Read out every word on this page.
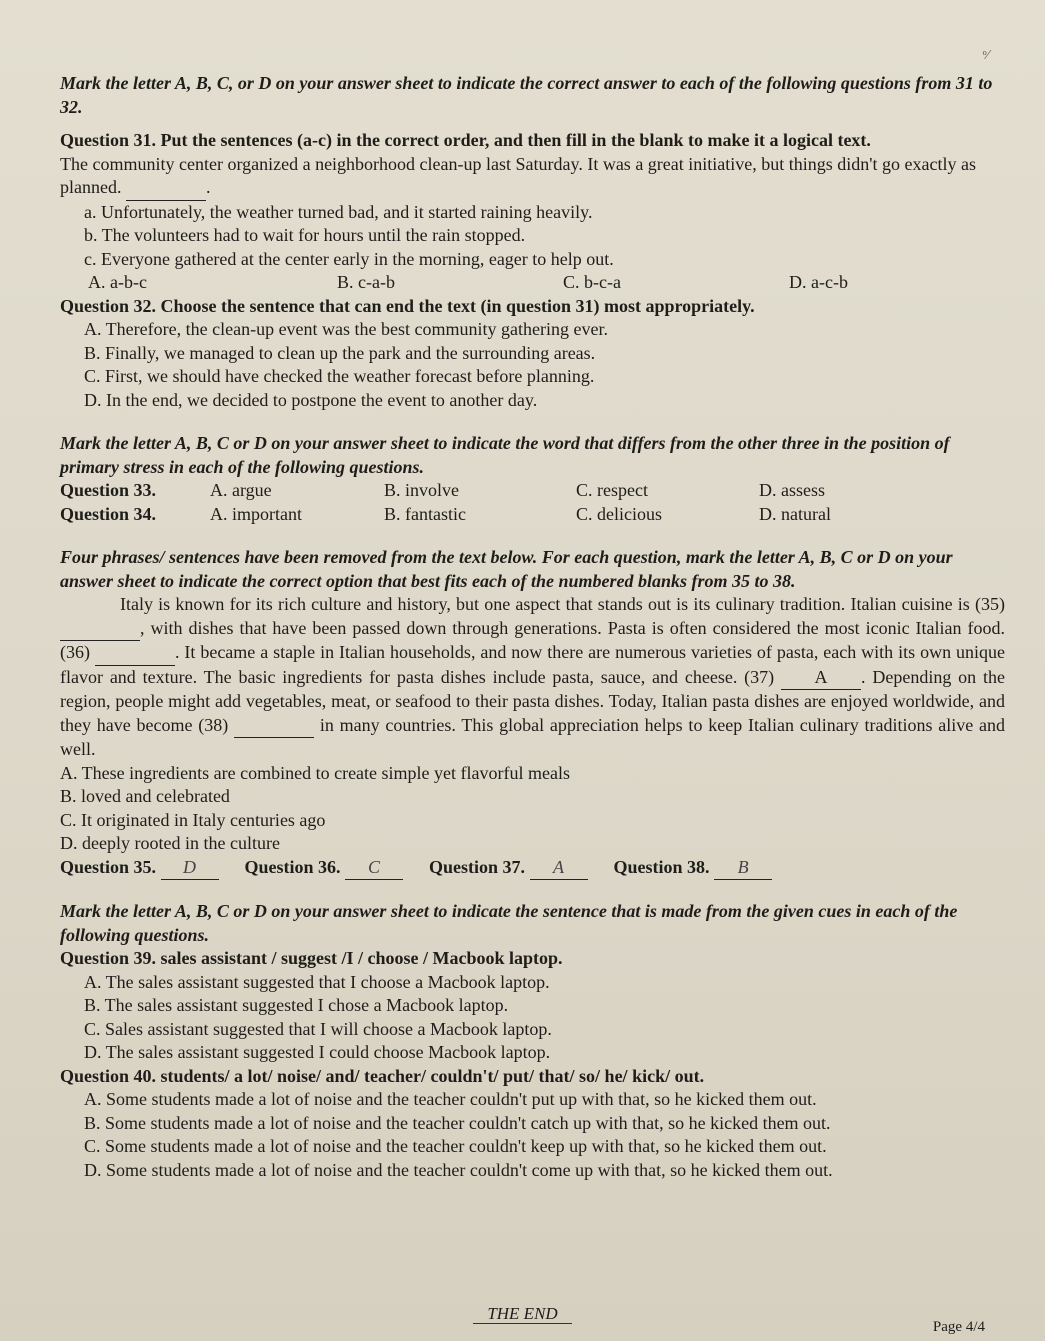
ᵒ⁄

Mark the letter A, B, C, or D on your answer sheet to indicate the correct answer to each of the following questions from 31 to 32.

Question 31. Put the sentences (a-c) in the correct order, and then fill in the blank to make it a logical text.

The community center organized a neighborhood clean-up last Saturday. It was a great initiative, but things didn't go exactly as planned.	.

a. Unfortunately, the weather turned bad, and it started raining heavily.

b. The volunteers had to wait for hours until the rain stopped.

c. Everyone gathered at the center early in the morning, eager to help out.

A. a-b-c	B. c-a-b	C. b-c-a	D. a-c-b

Question 32. Choose the sentence that can end the text (in question 31) most appropriately.

A. Therefore, the clean-up event was the best community gathering ever.

B. Finally, we managed to clean up the park and the surrounding areas.

C. First, we should have checked the weather forecast before planning.

D. In the end, we decided to postpone the event to another day.

Mark the letter A, B, C or D on your answer sheet to indicate the word that differs from the other three in the position of primary stress in each of the following questions.

Question 33.	A. argue	B. involve	C. respect	D. assess
Question 34.	A. important	B. fantastic	C. delicious	D. natural

Four phrases/ sentences have been removed from the text below. For each question, mark the letter A, B, C or D on your answer sheet to indicate the correct option that best fits each of the numbered blanks from 35 to 38.

Italy is known for its rich culture and history, but one aspect that stands out is its culinary tradition. Italian cuisine is (35) , with dishes that have been passed down through generations. Pasta is often considered the most iconic Italian food. (36)	. It became a staple in Italian households, and now there are numerous varieties of pasta, each with its own unique flavor and texture. The basic ingredients for pasta dishes include pasta, sauce, and cheese. (37) A . Depending on the region, people might add vegetables, meat, or seafood to their pasta dishes. Today, Italian pasta dishes are enjoyed worldwide, and they have become (38)	in many countries. This global appreciation helps to keep Italian culinary traditions alive and well.

A. These ingredients are combined to create simple yet flavorful meals

B. loved and celebrated

C. It originated in Italy centuries ago

D. deeply rooted in the culture

Question 35.
	D	Question 36.
	C	Question 37.
	A	Question 38.
	B

Mark the letter A, B, C or D on your answer sheet to indicate the sentence that is made from the given cues in each of the following questions.

Question 39. sales assistant / suggest /I / choose / Macbook laptop.

A. The sales assistant suggested that I choose a Macbook laptop.

B. The sales assistant suggested I chose a Macbook laptop.

C. Sales assistant suggested that I will choose a Macbook laptop.

D. The sales assistant suggested I could choose Macbook laptop.

Question 40. students/ a lot/ noise/ and/ teacher/ couldn't/ put/ that/ so/ he/ kick/ out.

A. Some students made a lot of noise and the teacher couldn't put up with that, so he kicked them out.

B. Some students made a lot of noise and the teacher couldn't catch up with that, so he kicked them out.

C. Some students made a lot of noise and the teacher couldn't keep up with that, so he kicked them out.

D. Some students made a lot of noise and the teacher couldn't come up with that, so he kicked them out.

THE END
Page 4/4
